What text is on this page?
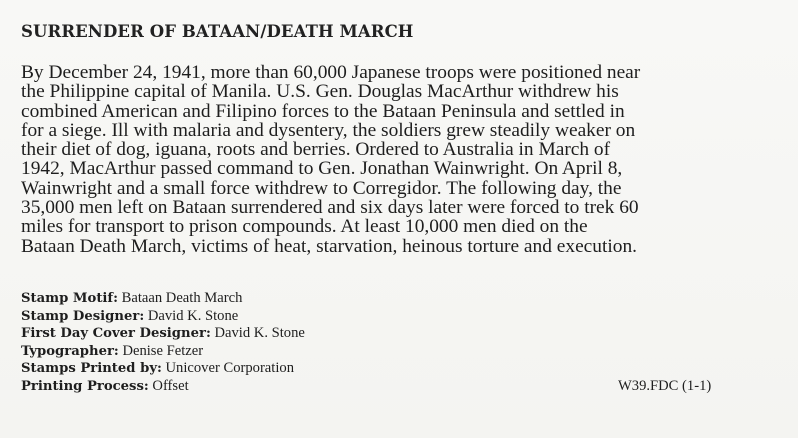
SURRENDER OF BATAAN/DEATH MARCH

By December 24, 1941, more than 60,000 Japanese troops were positioned near
the Philippine capital of Manila. U.S. Gen. Douglas MacArthur withdrew his
combined American and Filipino forces to the Bataan Peninsula and settled in
for a siege. Ill with malaria and dysentery, the soldiers grew steadily weaker on
their diet of dog, iguana, roots and berries. Ordered to Australia in March of
1942, MacArthur passed command to Gen. Jonathan Wainwright. On April 8,
Wainwright and a small force withdrew to Corregidor. The following day, the
35,000 men left on Bataan surrendered and six days later were forced to trek 60
miles for transport to prison compounds. At least 10,000 men died on the
Bataan Death March, victims of heat, starvation, heinous torture and execution.

Stamp Motif: Bataan Death March
Stamp Designer: David K. Stone
First Day Cover Designer: David K. Stone
Typographer: Denise Fetzer
Stamps Printed by: Unicover Corporation
Printing Process: Offset	W39.FDC (1-1)
